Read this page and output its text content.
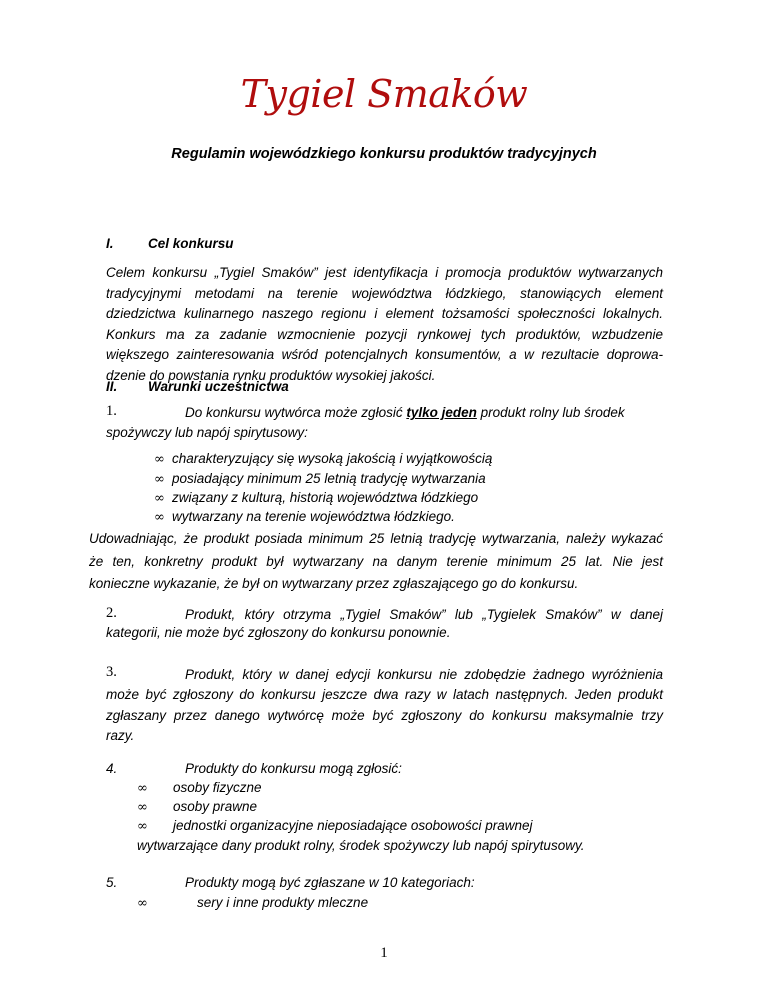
Tygiel Smaków
Regulamin wojewódzkiego konkursu produktów tradycyjnych
I.	Cel konkursu
Celem konkursu „Tygiel Smaków” jest identyfikacja i promocja produktów wytwarzanych
tradycyjnymi metodami na terenie województwa łódzkiego, stanowiących element
dziedzictwa kulinarnego naszego regionu i element tożsamości społeczności lokalnych.
Konkurs ma za zadanie wzmocnienie pozycji rynkowej tych produktów, wzbudzenie
większego zainteresowania wśród potencjalnych konsumentów, a w rezultacie doprowa-
dzenie do powstania rynku produktów wysokiej jakości.
II. Warunki uczestnictwa
1.	Do konkursu wytwórca może zgłosić tylko jeden produkt rolny lub środek
spożywczy lub napój spirytusowy:
∞ charakteryzujący się wysoką jakością i wyjątkowością
∞ posiadający minimum 25 letnią tradycję wytwarzania
∞ związany z kulturą, historią województwa łódzkiego
∞ wytwarzany na terenie województwa łódzkiego.
Udowadniając, że produkt posiada minimum 25 letnią tradycję wytwarzania, należy wykazać
że ten, konkretny produkt był wytwarzany na danym terenie minimum 25 lat. Nie jest
konieczne wykazanie, że był on wytwarzany przez zgłaszającego go do konkursu.
2.	Produkt, który otrzyma „Tygiel Smaków” lub „Tygielek Smaków” w danej
kategorii, nie może być zgłoszony do konkursu ponownie.
3.	Produkt, który w danej edycji konkursu nie zdobędzie żadnego wyróżnienia
może być zgłoszony do konkursu jeszcze dwa razy w latach następnych. Jeden produkt
zgłaszany przez danego wytwórcę może być zgłoszony do konkursu maksymalnie trzy
razy.
4.	Produkty do konkursu mogą zgłosić:
∞ osoby fizyczne
∞ osoby prawne
∞ jednostki organizacyjne nieposiadające osobowości prawnej
wytwarzające dany produkt rolny, środek spożywczy lub napój spirytusowy.
5.	Produkty mogą być zgłaszane w 10 kategoriach:
∞	sery i inne produkty mleczne
1
